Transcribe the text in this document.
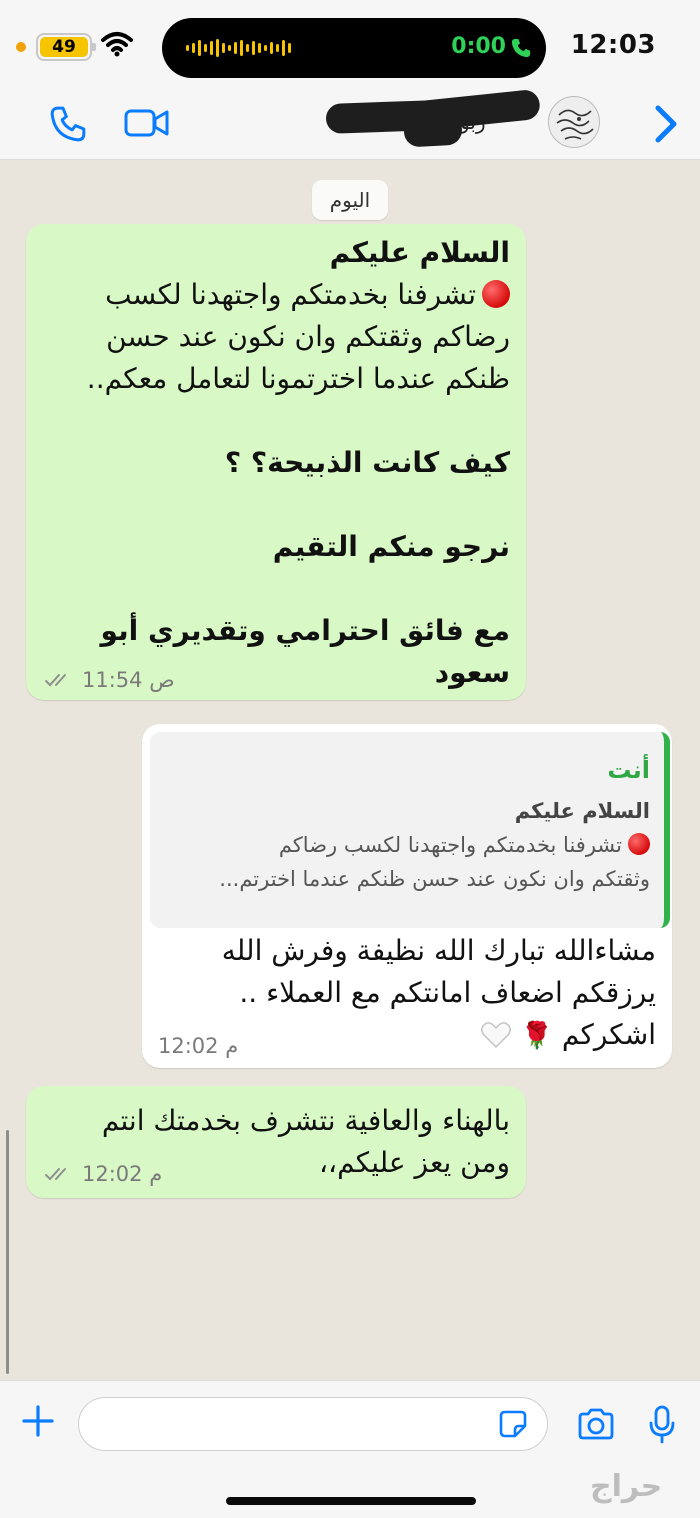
49	0:00 12:03
اليوم

السلام عليكم

تشرفنا بخدمتكم واجتهدنا لكسب

رضاكم وثقتكم وان نكون عند حسن

ظنكم عندما اخترتمونا لتعامل معكم..

كيف كانت الذبيحة؟ ؟

نرجو منكم التقيم

مع فائق احترامي وتقديري أبو سعود

11:54 ص
أنت
السلام عليكم
تشرفنا بخدمتكم واجتهدنا لكسب رضاكم
وثقتكم وان نكون عند حسن ظنكم عندما اخترتم...

مشاءالله تبارك الله نظيفة وفرش الله

يرزقكم اضعاف امانتكم مع العملاء ..

اشكركم 🌹

12:02 م

بالهناء والعافية نتشرف بخدمتك انتم

ومن يعز عليكم،،

12:02 م
حراج
